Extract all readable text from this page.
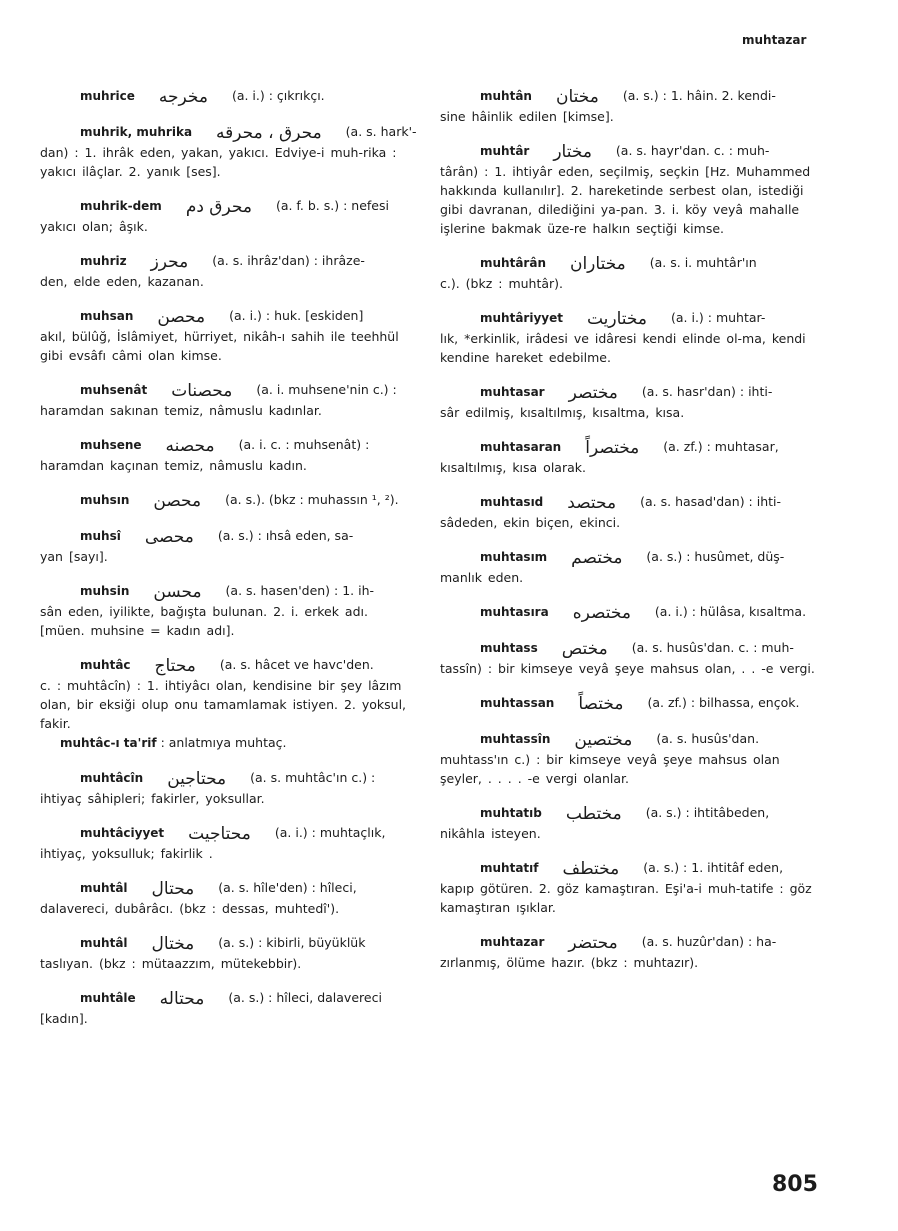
muhtazar
muhrice مخرجه (a. i.) : çıkrıkçı.
muhrik, muhrika محرق ، محرقه (a. s. hark'-
dan) : 1. ihrâk eden, yakan, yakıcı. Edviye-i muh-rika : yakıcı ilâçlar. 2. yanık [ses].
muhrik-dem محرق دم (a. f. b. s.) : nefesi
yakıcı olan; âşık.
muhriz محرز (a. s. ihrâz'dan) : ihrâze-
den, elde eden, kazanan.
muhsan محصن (a. i.) : huk. [eskiden]
akıl, bülûğ, İslâmiyet, hürriyet, nikâh-ı sahih ile teehhül gibi evsâfı câmi olan kimse.
muhsenât محصنات (a. i. muhsene'nin c.) :
haramdan sakınan temiz, nâmuslu kadınlar.
muhsene محصنه (a. i. c. : muhsenât) :
haramdan kaçınan temiz, nâmuslu kadın.
muhsın محصن (a. s.). (bkz : muhassın ¹, ²).
muhsî محصى (a. s.) : ıhsâ eden, sa-
yan [sayı].
muhsin محسن (a. s. hasen'den) : 1. ih-
sân eden, iyilikte, bağışta bulunan. 2. i. erkek adı. [müen. muhsine = kadın adı].
muhtâc محتاج (a. s. hâcet ve havc'den.
c. : muhtâcîn) : 1. ihtiyâcı olan, kendisine bir şey lâzım olan, bir eksiği olup onu tamamlamak istiyen. 2. yoksul, fakir.
muhtâc-ı ta'rif : anlatmıya muhtaç.
muhtâcîn محتاجين (a. s. muhtâc'ın c.) :
ihtiyaç sâhipleri; fakirler, yoksullar.
muhtâciyyet محتاجيت (a. i.) : muhtaçlık,
ihtiyaç, yoksulluk; fakirlik .
muhtâl محتال (a. s. hîle'den) : hîleci,
dalavereci, dubârâcı. (bkz : dessas, muhtedî').
muhtâl مختال (a. s.) : kibirli, büyüklük
taslıyan. (bkz : mütaazzım, mütekebbir).
muhtâle محتاله (a. s.) : hîleci, dalavereci
[kadın].
muhtân مختان (a. s.) : 1. hâin. 2. kendi-
sine hâinlik edilen [kimse].
muhtâr مختار (a. s. hayr'dan. c. : muh-
târân) : 1. ihtiyâr eden, seçilmiş, seçkin [Hz. Muhammed hakkında kullanılır]. 2. hareketinde serbest olan, istediği gibi davranan, dilediğini ya-pan. 3. i. köy veyâ mahalle işlerine bakmak üze-re halkın seçtiği kimse.
muhtârân مختاران (a. s. i. muhtâr'ın
c.). (bkz : muhtâr).
muhtâriyyet مختاريت (a. i.) : muhtar-
lık, *erkinlik, irâdesi ve idâresi kendi elinde ol-ma, kendi kendine hareket edebilme.
muhtasar مختصر (a. s. hasr'dan) : ihti-
sâr edilmiş, kısaltılmış, kısaltma, kısa.
muhtasaran مختصراً (a. zf.) : muhtasar,
kısaltılmış, kısa olarak.
muhtasıd محتصد (a. s. hasad'dan) : ihti-
sâdeden, ekin biçen, ekinci.
muhtasım مختصم (a. s.) : husûmet, düş-
manlık eden.
muhtasıra مختصره (a. i.) : hülâsa, kısaltma.
muhtass مختص (a. s. husûs'dan. c. : muh-
tassîn) : bir kimseye veyâ şeye mahsus olan, . . -e vergi.
muhtassan مختصاً (a. zf.) : bilhassa, ençok.
muhtassîn مختصين (a. s. husûs'dan.
muhtass'ın c.) : bir kimseye veyâ şeye mahsus olan şeyler, . . . . -e vergi olanlar.
muhtatıb مختطب (a. s.) : ihtitâbeden,
nikâhla isteyen.
muhtatıf مختطف (a. s.) : 1. ihtitâf eden,
kapıp götüren. 2. göz kamaştıran. Eşi'a-i muh-tatife : göz kamaştıran ışıklar.
muhtazar محتضر (a. s. huzûr'dan) : ha-
zırlanmış, ölüme hazır. (bkz : muhtazır).
805
